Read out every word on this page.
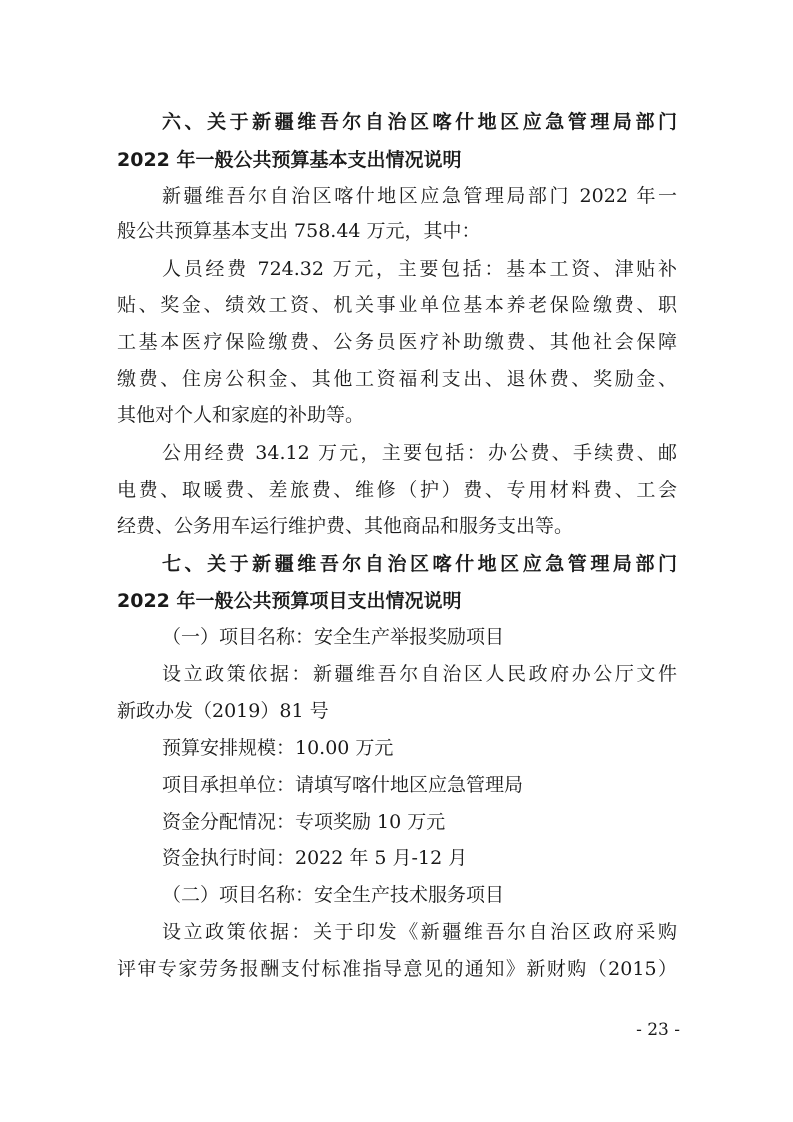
六、关于新疆维吾尔自治区喀什地区应急管理局部门
2022 年一般公共预算基本支出情况说明
新疆维吾尔自治区喀什地区应急管理局部门 2022 年一
般公共预算基本支出 758.44 万元，其中：
人员经费 724.32 万元，主要包括：基本工资、津贴补
贴、奖金、绩效工资、机关事业单位基本养老保险缴费、职
工基本医疗保险缴费、公务员医疗补助缴费、其他社会保障
缴费、住房公积金、其他工资福利支出、退休费、奖励金、
其他对个人和家庭的补助等。
公用经费 34.12 万元，主要包括：办公费、手续费、邮
电费、取暖费、差旅费、维修（护）费、专用材料费、工会
经费、公务用车运行维护费、其他商品和服务支出等。
七、关于新疆维吾尔自治区喀什地区应急管理局部门
2022 年一般公共预算项目支出情况说明
（一）项目名称：安全生产举报奖励项目
设立政策依据：新疆维吾尔自治区人民政府办公厅文件
新政办发（2019）81 号
预算安排规模：10.00 万元
项目承担单位：请填写喀什地区应急管理局
资金分配情况：专项奖励 10 万元
资金执行时间：2022 年 5 月-12 月
（二）项目名称：安全生产技术服务项目
设立政策依据：关于印发《新疆维吾尔自治区政府采购
评审专家劳务报酬支付标准指导意见的通知》新财购（2015）
- 23 -
